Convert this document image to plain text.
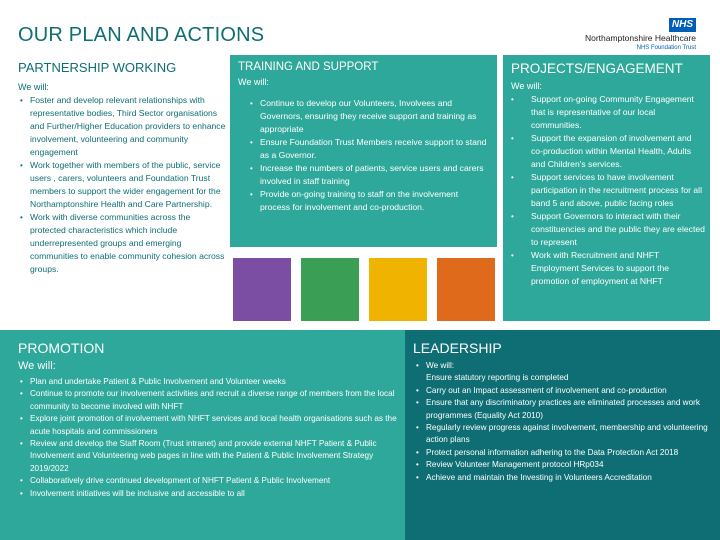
OUR PLAN AND ACTIONS	NHS
Northamptonshire Healthcare
NHS Foundation Trust
PARTNERSHIP WORKING
We will:
• Foster and develop relevant relationships with representative bodies, Third Sector organisations and Further/Higher Education providers to enhance involvement, volunteering and community engagement
• Work together with members of the public, service users , carers, volunteers and Foundation Trust members to support the wider engagement for the Northamptonshire Health and Care Partnership.
• Work with diverse communities across the protected characteristics which include underrepresented groups and emerging communities to enable community cohesion across groups.
TRAINING AND SUPPORT
We will:
• Continue to develop our Volunteers, Involvees and Governors, ensuring they receive support and training as appropriate
• Ensure Foundation Trust Members receive support to stand as a Governor.
• Increase the numbers of patients, service users and carers involved in staff training
• Provide on-going training to staff on the involvement process for involvement and co-production.
PROJECTS/ENGAGEMENT
We will:
• Support on-going Community Engagement that is representative of our local communities.
• Support the expansion of involvement and co-production within Mental Health, Adults and Children's services.
• Support services to have involvement participation in the recruitment process for all band 5 and above, public facing roles
• Support Governors to interact with their constituencies and the public they are elected to represent
• Work with Recruitment and NHFT Employment Services to support the promotion of employment at NHFT
PROMOTION
We will:
• Plan and undertake Patient & Public Involvement and Volunteer weeks
• Continue to promote our involvement activities and recruit a diverse range of members from the local community to become involved with NHFT
• Explore joint promotion of involvement with NHFT services and local health organisations such as the acute hospitals and commissioners
• Review and develop the Staff Room (Trust intranet) and provide external NHFT Patient & Public Involvement and Volunteering web pages in line with the Patient & Public Involvement Strategy 2019/2022
• Collaboratively drive continued development of NHFT Patient & Public Involvement
• Involvement initiatives will be inclusive and accessible to all
LEADERSHIP
• We will:
Ensure statutory reporting is completed
• Carry out an Impact assessment of involvement and co-production
• Ensure that any discriminatory practices are eliminated processes and work programmes (Equality Act 2010)
• Regularly review progress against involvement, membership and volunteering action plans
• Protect personal information adhering to the Data Protection Act 2018
• Review Volunteer Management protocol HRp034
• Achieve and maintain the Investing in Volunteers Accreditation
